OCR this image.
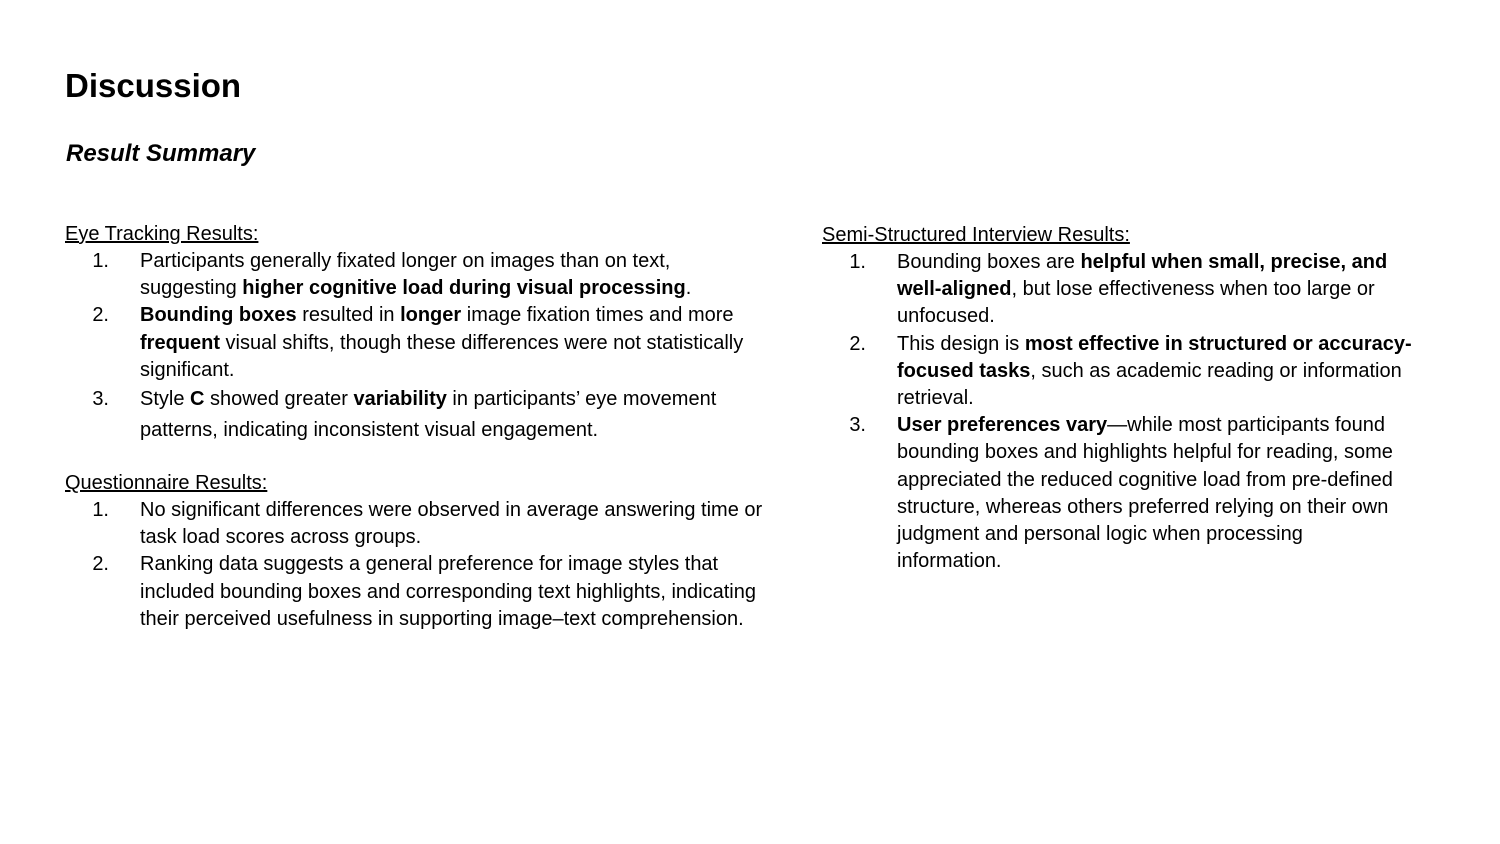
Discussion
Result Summary
Eye Tracking Results:
1. Participants generally fixated longer on images than on text, suggesting higher cognitive load during visual processing.
2. Bounding boxes resulted in longer image fixation times and more frequent visual shifts, though these differences were not statistically significant.
3. Style C showed greater variability in participants’ eye movement patterns, indicating inconsistent visual engagement.
Questionnaire Results:
1. No significant differences were observed in average answering time or task load scores across groups.
2. Ranking data suggests a general preference for image styles that included bounding boxes and corresponding text highlights, indicating their perceived usefulness in supporting image–text comprehension.
Semi-Structured Interview Results:
1. Bounding boxes are helpful when small, precise, and well-aligned, but lose effectiveness when too large or unfocused.
2. This design is most effective in structured or accuracy-focused tasks, such as academic reading or information retrieval.
3. User preferences vary—while most participants found bounding boxes and highlights helpful for reading, some appreciated the reduced cognitive load from pre-defined structure, whereas others preferred relying on their own judgment and personal logic when processing information.
